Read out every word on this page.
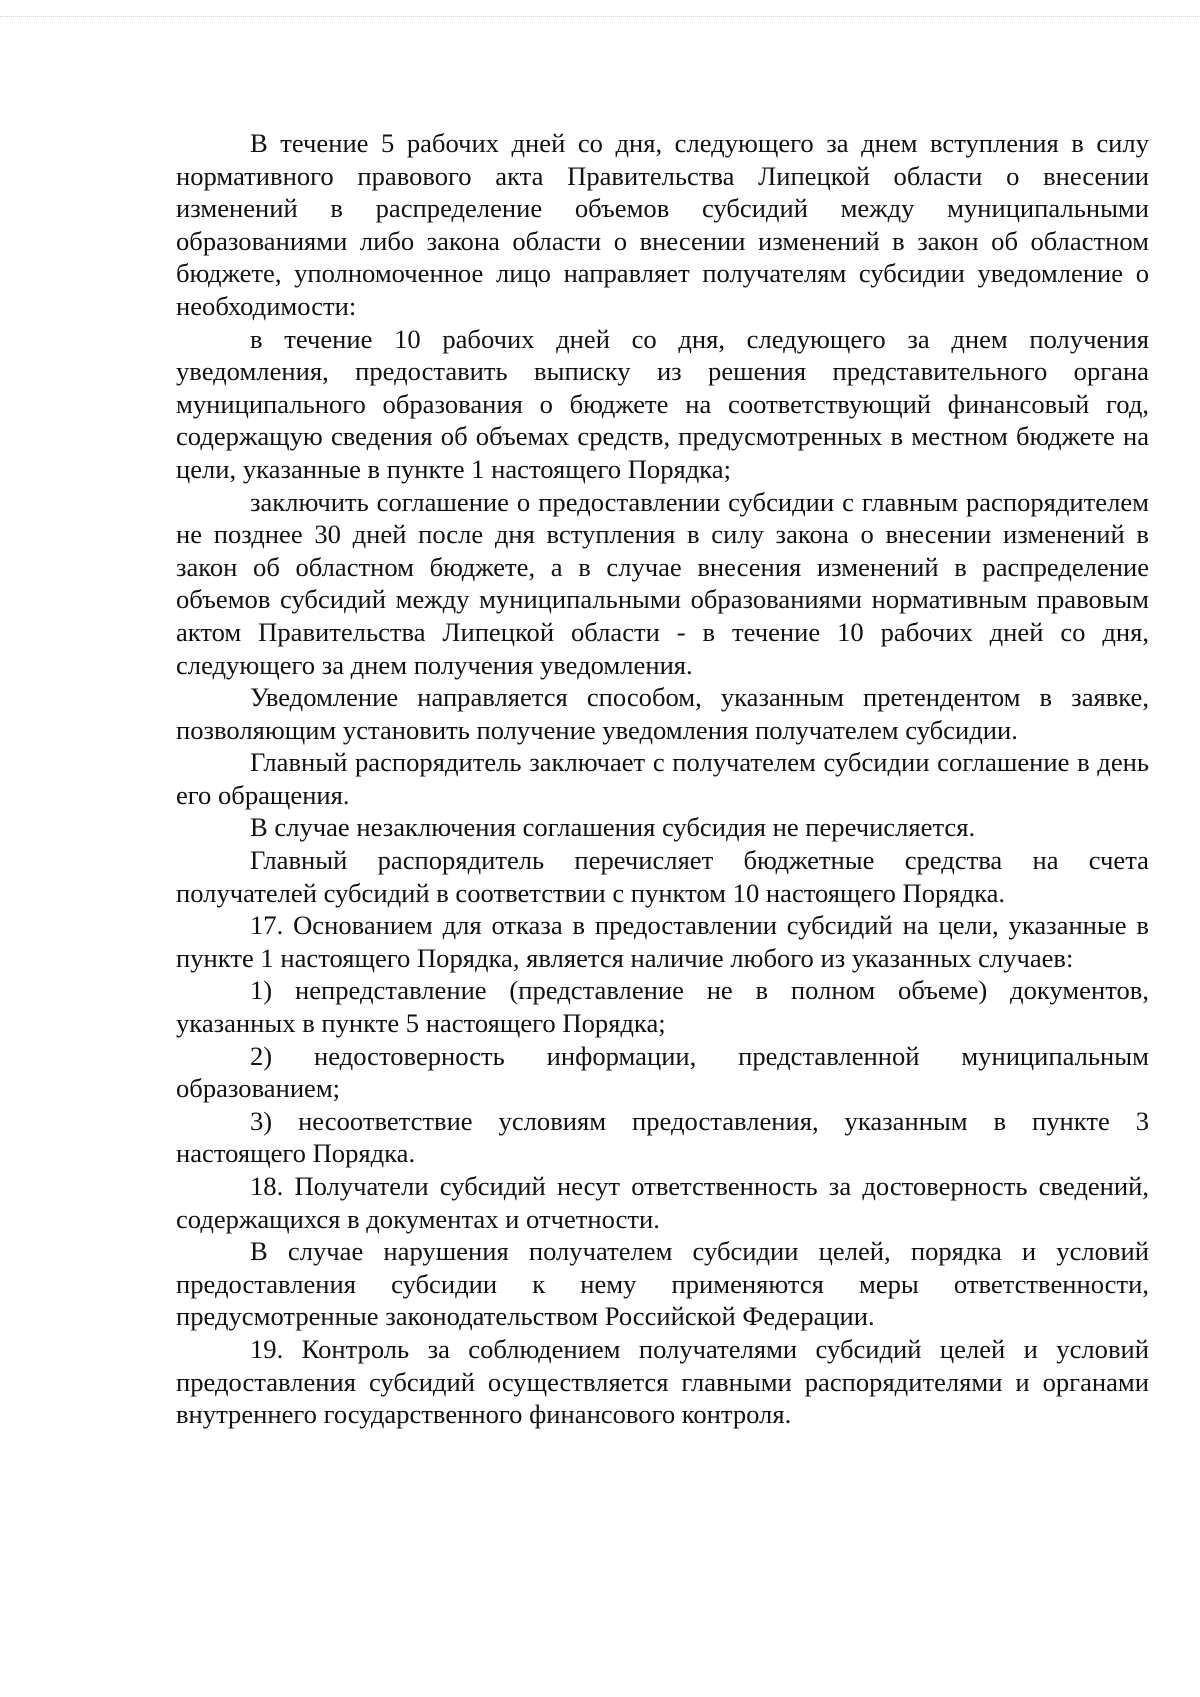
В течение 5 рабочих дней со дня, следующего за днем вступления в силу нормативного правового акта Правительства Липецкой области о внесении изменений в распределение объемов субсидий между муниципальными образованиями либо закона области о внесении изменений в закон об областном бюджете, уполномоченное лицо направляет получателям субсидии уведомление о необходимости:

в течение 10 рабочих дней со дня, следующего за днем получения уведомления, предоставить выписку из решения представительного органа муниципального образования о бюджете на соответствующий финансовый год, содержащую сведения об объемах средств, предусмотренных в местном бюджете на цели, указанные в пункте 1 настоящего Порядка;

заключить соглашение о предоставлении субсидии с главным распорядителем не позднее 30 дней после дня вступления в силу закона о внесении изменений в закон об областном бюджете, а в случае внесения изменений в распределение объемов субсидий между муниципальными образованиями нормативным правовым актом Правительства Липецкой области - в течение 10 рабочих дней со дня, следующего за днем получения уведомления.

Уведомление направляется способом, указанным претендентом в заявке, позволяющим установить получение уведомления получателем субсидии.

Главный распорядитель заключает с получателем субсидии соглашение в день его обращения.

В случае незаключения соглашения субсидия не перечисляется.

Главный распорядитель перечисляет бюджетные средства на счета получателей субсидий в соответствии с пунктом 10 настоящего Порядка.

17. Основанием для отказа в предоставлении субсидий на цели, указанные в пункте 1 настоящего Порядка, является наличие любого из указанных случаев:

1) непредставление (представление не в полном объеме) документов, указанных в пункте 5 настоящего Порядка;

2) недостоверность информации, представленной муниципальным образованием;

3) несоответствие условиям предоставления, указанным в пункте 3 настоящего Порядка.

18. Получатели субсидий несут ответственность за достоверность сведений, содержащихся в документах и отчетности.

В случае нарушения получателем субсидии целей, порядка и условий предоставления субсидии к нему применяются меры ответственности, предусмотренные законодательством Российской Федерации.

19. Контроль за соблюдением получателями субсидий целей и условий предоставления субсидий осуществляется главными распорядителями и органами внутреннего государственного финансового контроля.
